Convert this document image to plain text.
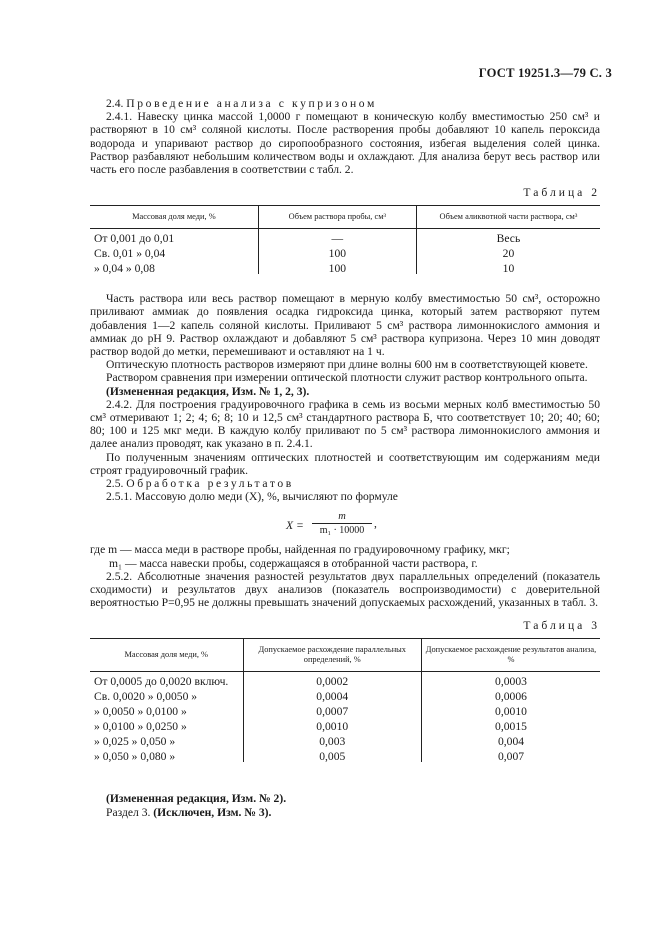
ГОСТ 19251.3—79 С. 3

2.4. Проведение анализа с купризоном

2.4.1. Навеску цинка массой 1,0000 г помещают в коническую колбу вместимостью 250 см³ и растворяют в 10 см³ соляной кислоты. После растворения пробы добавляют 10 капель пероксида водорода и упаривают раствор до сиропообразного состояния, избегая выделения солей цинка. Раствор разбавляют небольшим количеством воды и охлаждают. Для анализа берут весь раствор или часть его после разбавления в соответствии с табл. 2.

Таблица 2
Массовая доля меди, %	Объем раствора пробы, см³	Объем аликвотной части раствора, см³
От 0,001 до 0,01	—	Весь
Св. 0,01 » 0,04	100	20
» 0,04 » 0,08	100	10

Часть раствора или весь раствор помещают в мерную колбу вместимостью 50 см³, осторожно приливают аммиак до появления осадка гидроксида цинка, который затем растворяют путем добавления 1—2 капель соляной кислоты. Приливают 5 см³ раствора лимоннокислого аммония и аммиак до pH 9. Раствор охлаждают и добавляют 5 см³ раствора купризона. Через 10 мин доводят раствор водой до метки, перемешивают и оставляют на 1 ч.

Оптическую плотность растворов измеряют при длине волны 600 нм в соответствующей кювете.

Раствором сравнения при измерении оптической плотности служит раствор контрольного опыта.

(Измененная редакция, Изм. № 1, 2, 3).

2.4.2. Для построения градуировочного графика в семь из восьми мерных колб вместимостью 50 см³ отмеривают 1; 2; 4; 6; 8; 10 и 12,5 см³ стандартного раствора Б, что соответствует 10; 20; 40; 60; 80; 100 и 125 мкг меди. В каждую колбу приливают по 5 см³ раствора лимоннокислого аммония и далее анализ проводят, как указано в п. 2.4.1.

По полученным значениям оптических плотностей и соответствующим им содержаниям меди строят градуировочный график.

2.5. Обработка результатов

2.5.1. Массовую долю меди (X), %, вычисляют по формуле

$X = \frac{m}{\text{m₁ · 10000}}$ ,

где m — масса меди в растворе пробы, найденная по градуировочному графику, мкг;

m₁ — масса навески пробы, содержащаяся в отобранной части раствора, г.

2.5.2. Абсолютные значения разностей результатов двух параллельных определений (показатель сходимости) и результатов двух анализов (показатель воспроизводимости) с доверительной вероятностью P=0,95 не должны превышать значений допускаемых расхождений, указанных в табл. 3.

Таблица 3
Массовая доля меди, %	Допускаемое расхождение параллельных определений, %	Допускаемое расхождение результатов анализа, %
От 0,0005 до 0,0020 включ.	0,0002	0,0003
Св. 0,0020 » 0,0050 »	0,0004	0,0006
» 0,0050 » 0,0100 »	0,0007	0,0010
» 0,0100 » 0,0250 »	0,0010	0,0015
» 0,025 » 0,050 »	0,003	0,004
» 0,050 » 0,080 »	0,005	0,007

(Измененная редакция, Изм. № 2).

Раздел 3. (Исключен, Изм. № 3).
